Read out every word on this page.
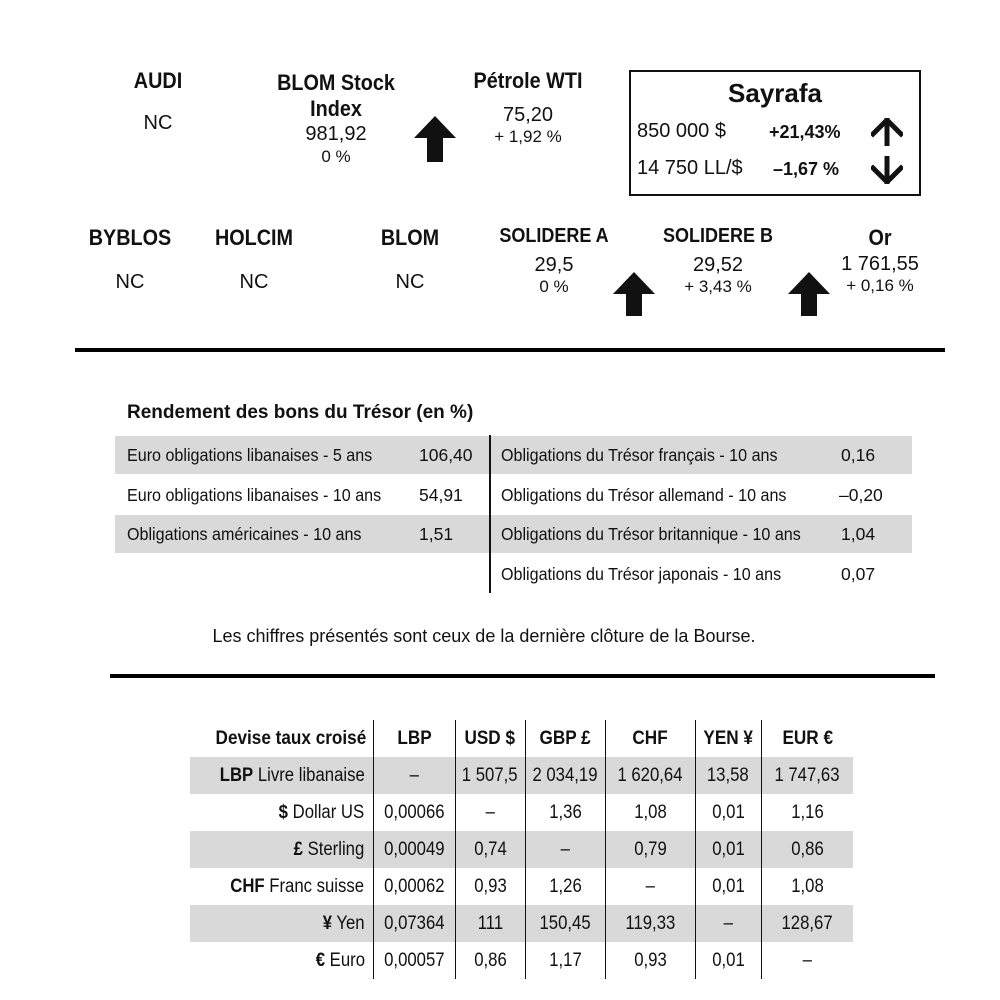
AUDI
NC
BLOM Stock
Index
981,92
0 %
Pétrole WTI
75,20
+ 1,92 %
Sayrafa
850 000 $ +21,43%
14 750 LL/$ –1,67 %
BYBLOS
NC
HOLCIM
NC
BLOM
NC
SOLIDERE A
29,5
0 %
SOLIDERE B
29,52
+ 3,43 %
Or
1 761,55
+ 0,16 %
Rendement des bons du Trésor (en %)
Euro obligations libanaises - 5 ans	106,40
Euro obligations libanaises - 10 ans 54,91
Obligations américaines - 10 ans	1,51
Obligations du Trésor français - 10 ans	0,16
Obligations du Trésor allemand - 10 ans	–0,20
Obligations du Trésor britannique - 10 ans 1,04
Obligations du Trésor japonais - 10 ans	0,07
Les chiffres présentés sont ceux de la dernière clôture de la Bourse.
Devise taux croisé	LBP	USD $	GBP £	CHF	YEN ¥	EUR €
LBP Livre libanaise	–	1 507,5	2 034,19	1 620,64	13,58	1 747,63
$ Dollar US	0,00066	–	1,36	1,08	0,01	1,16
£ Sterling	0,00049	0,74	–	0,79	0,01	0,86
CHF Franc suisse	0,00062	0,93	1,26	–	0,01	1,08
¥ Yen	0,07364	111	150,45	119,33	–	128,67
€ Euro	0,00057	0,86	1,17	0,93	0,01	–
